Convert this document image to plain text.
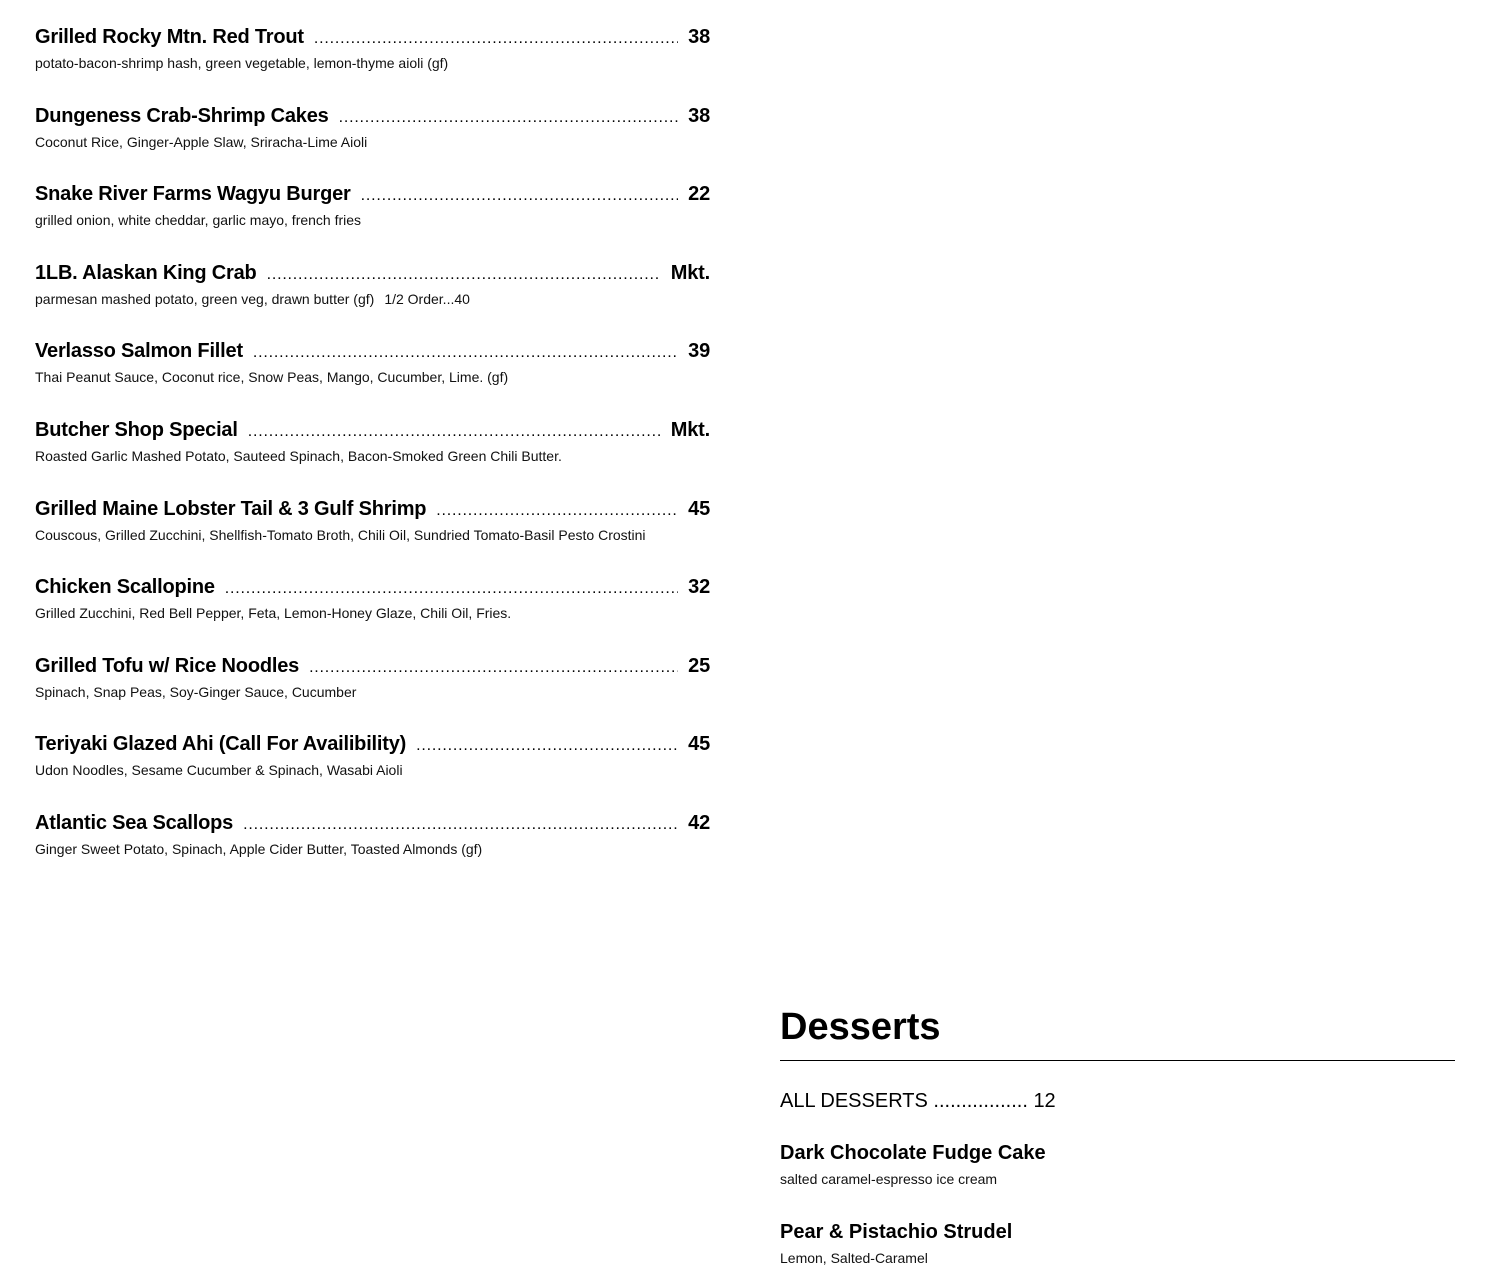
Grilled Rocky Mtn. Red Trout .....	38
potato-bacon-shrimp hash, green vegetable, lemon-thyme aioli (gf)
Dungeness Crab-Shrimp Cakes .....	38
Coconut Rice, Ginger-Apple Slaw, Sriracha-Lime Aioli
Snake River Farms Wagyu Burger .....	22
grilled onion, white cheddar, garlic mayo, french fries
1LB. Alaskan King Crab .....	Mkt.
parmesan mashed potato, green veg, drawn butter (gf) 1/2 Order...40
Verlasso Salmon Fillet .....	39
Thai Peanut Sauce, Coconut rice, Snow Peas, Mango, Cucumber, Lime. (gf)
Butcher Shop Special .....	Mkt.
Roasted Garlic Mashed Potato, Sauteed Spinach, Bacon-Smoked Green Chili Butter.
Grilled Maine Lobster Tail & 3 Gulf Shrimp .....	45
Couscous, Grilled Zucchini, Shellfish-Tomato Broth, Chili Oil, Sundried Tomato-Basil Pesto Crostini
Chicken Scallopine .....	32
Grilled Zucchini, Red Bell Pepper, Feta, Lemon-Honey Glaze, Chili Oil, Fries.
Grilled Tofu w/ Rice Noodles .....	25
Spinach, Snap Peas, Soy-Ginger Sauce, Cucumber
Teriyaki Glazed Ahi (Call For Availibility) .....	45
Udon Noodles, Sesame Cucumber & Spinach, Wasabi Aioli
Atlantic Sea Scallops .....	42
Ginger Sweet Potato, Spinach, Apple Cider Butter, Toasted Almonds (gf)
Desserts
ALL DESSERTS ................. 12
Dark Chocolate Fudge Cake
salted caramel-espresso ice cream
Pear & Pistachio Strudel
Lemon, Salted-Caramel
